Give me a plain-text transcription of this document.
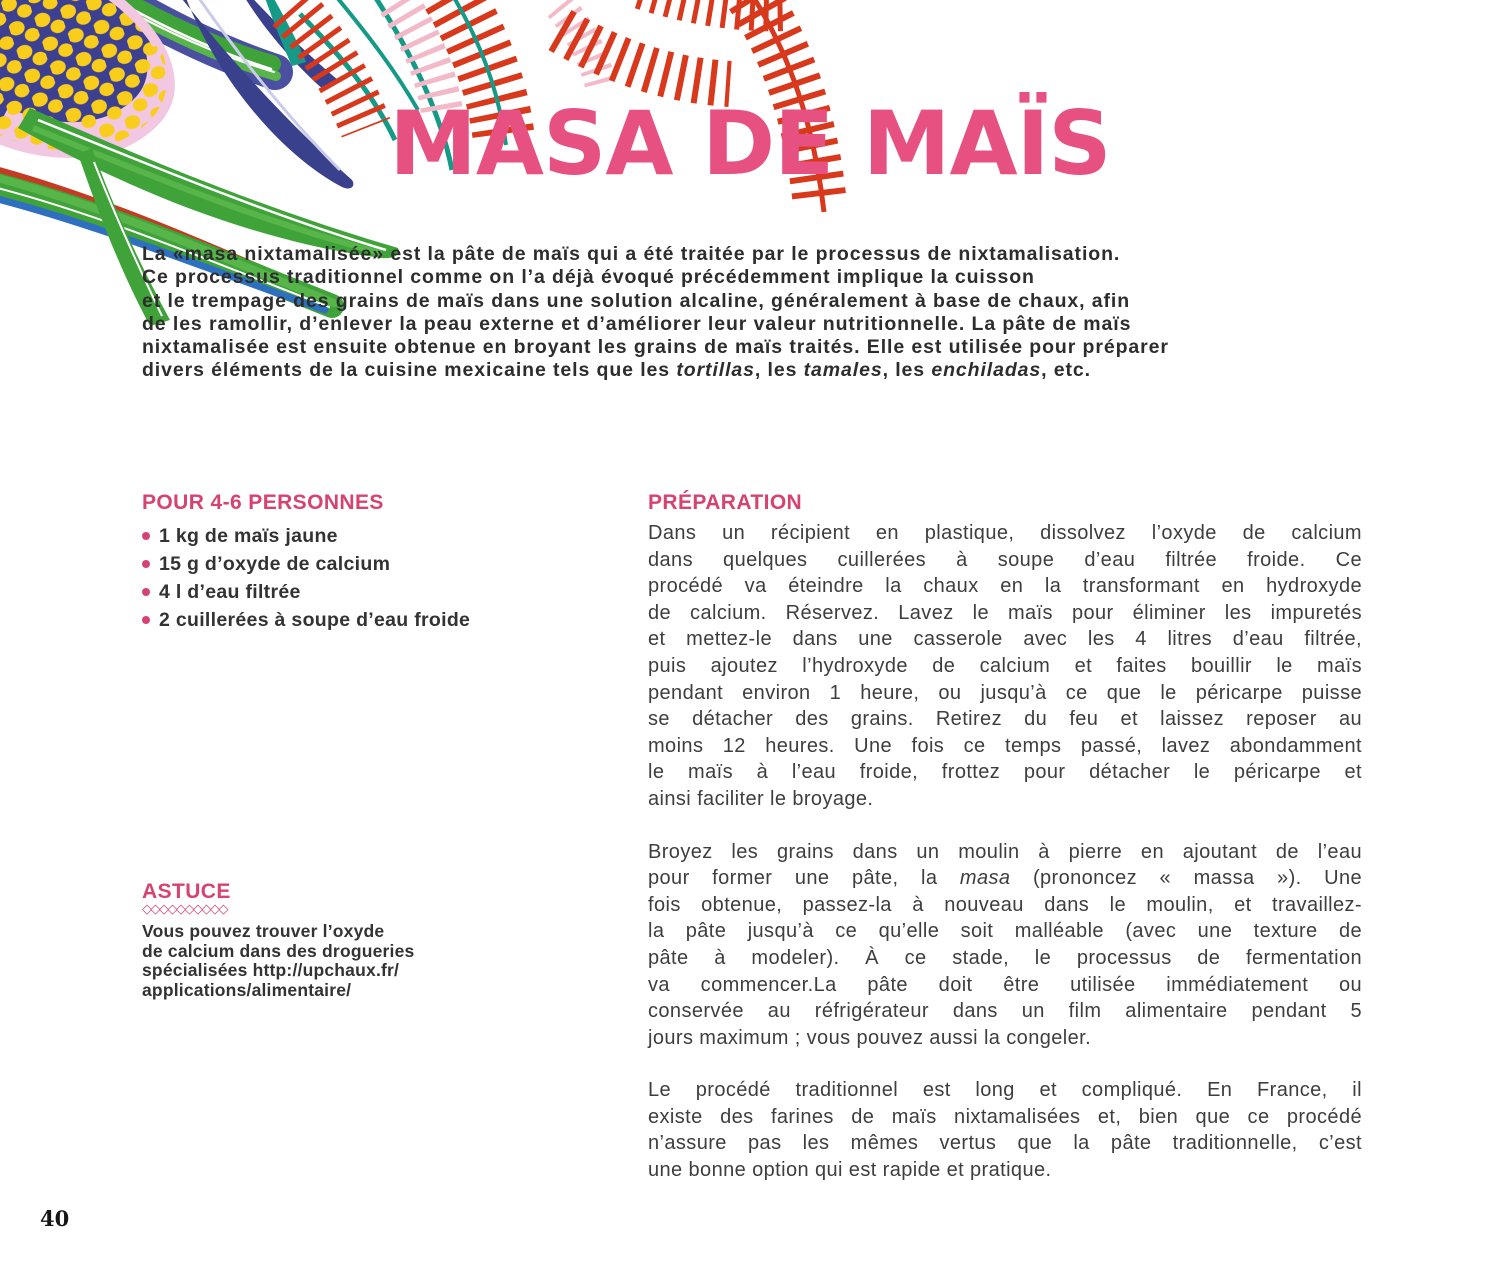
MASA DE MAÏS
La «masa nixtamalisée» est la pâte de maïs qui a été traitée par le processus de nixtamalisation.
Ce processus traditionnel comme on l’a déjà évoqué précédemment implique la cuisson
et le trempage des grains de maïs dans une solution alcaline, généralement à base de chaux, afin
de les ramollir, d’enlever la peau externe et d’améliorer leur valeur nutritionnelle. La pâte de maïs
nixtamalisée est ensuite obtenue en broyant les grains de maïs traités. Elle est utilisée pour préparer
divers éléments de la cuisine mexicaine tels que les tortillas, les tamales, les enchiladas, etc.
POUR 4-6 PERSONNES
1 kg de maïs jaune
15 g d’oxyde de calcium
4 l d’eau filtrée
2 cuillerées à soupe d’eau froide
ASTUCE
◇◇◇◇◇◇◇◇◇◇
Vous pouvez trouver l’oxyde
de calcium dans des drogueries
spécialisées http://upchaux.fr/
applications/alimentaire/
PRÉPARATION
Dans un récipient en plastique, dissolvez l’oxyde de calcium
dans quelques cuillerées à soupe d’eau filtrée froide. Ce
procédé va éteindre la chaux en la transformant en hydroxyde
de calcium. Réservez. Lavez le maïs pour éliminer les impuretés
et mettez-le dans une casserole avec les 4 litres d’eau filtrée,
puis ajoutez l’hydroxyde de calcium et faites bouillir le maïs
pendant environ 1 heure, ou jusqu’à ce que le péricarpe puisse
se détacher des grains. Retirez du feu et laissez reposer au
moins 12 heures. Une fois ce temps passé, lavez abondamment
le maïs à l’eau froide, frottez pour détacher le péricarpe et
ainsi faciliter le broyage.
Broyez les grains dans un moulin à pierre en ajoutant de l’eau
pour former une pâte, la masa (prononcez « massa »). Une
fois obtenue, passez-la à nouveau dans le moulin, et travaillez-
la pâte jusqu’à ce qu’elle soit malléable (avec une texture de
pâte à modeler). À ce stade, le processus de fermentation
va commencer.La pâte doit être utilisée immédiatement ou
conservée au réfrigérateur dans un film alimentaire pendant 5
jours maximum ; vous pouvez aussi la congeler.
Le procédé traditionnel est long et compliqué. En France, il
existe des farines de maïs nixtamalisées et, bien que ce procédé
n’assure pas les mêmes vertus que la pâte traditionnelle, c’est
une bonne option qui est rapide et pratique.
40
